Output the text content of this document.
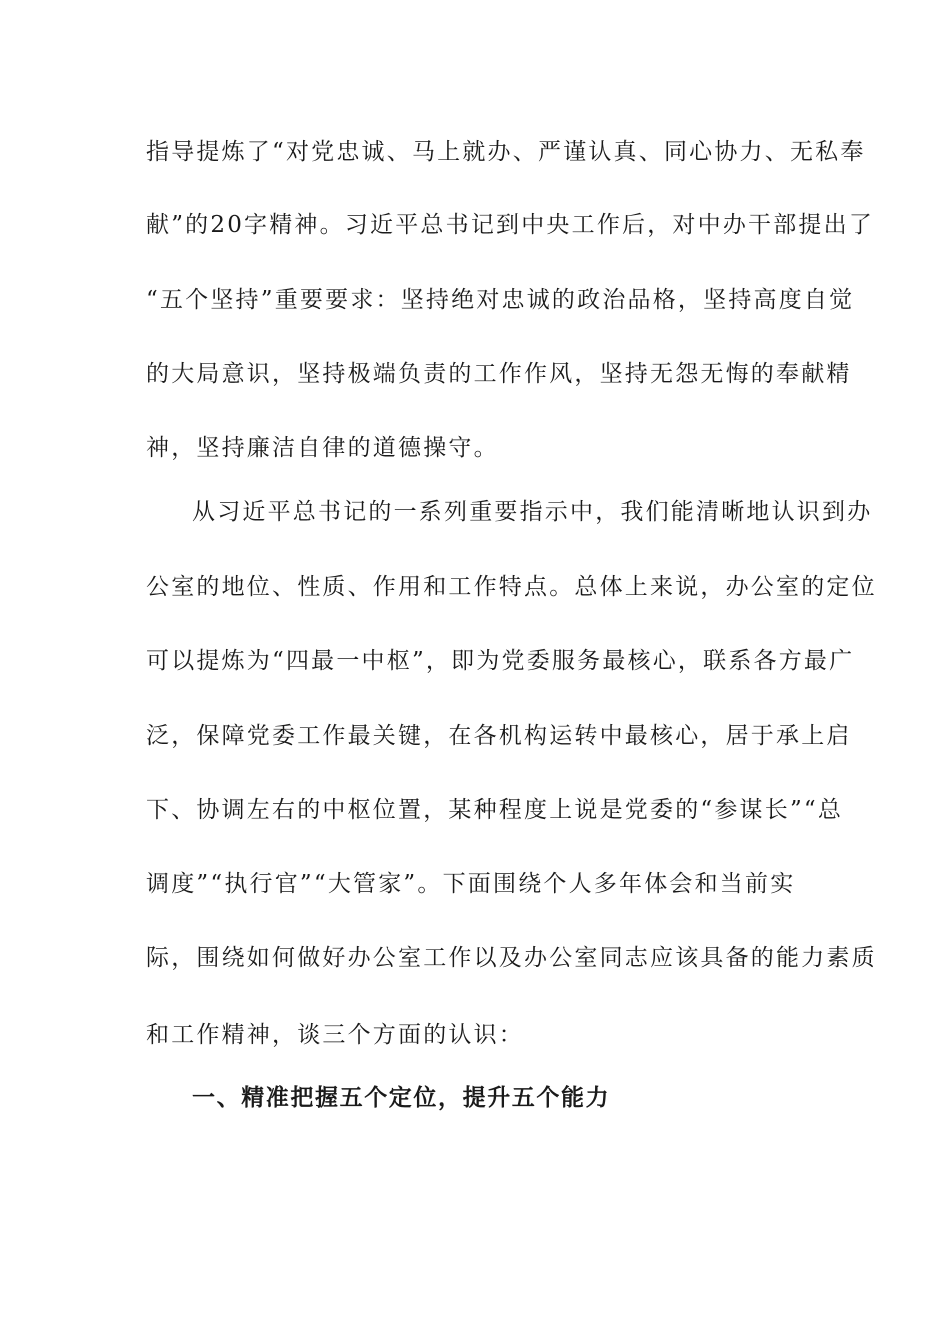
指导提炼了“对党忠诚、马上就办、严谨认真、同心协力、无私奉
献”的20字精神。习近平总书记到中央工作后，对中办干部提出了
“五个坚持”重要要求：坚持绝对忠诚的政治品格，坚持高度自觉
的大局意识，坚持极端负责的工作作风，坚持无怨无悔的奉献精
神，坚持廉洁自律的道德操守。
从习近平总书记的一系列重要指示中，我们能清晰地认识到办
公室的地位、性质、作用和工作特点。总体上来说，办公室的定位
可以提炼为“四最一中枢”，即为党委服务最核心，联系各方最广
泛，保障党委工作最关键，在各机构运转中最核心，居于承上启
下、协调左右的中枢位置，某种程度上说是党委的“参谋长”“总
调度”“执行官”“大管家”。下面围绕个人多年体会和当前实
际，围绕如何做好办公室工作以及办公室同志应该具备的能力素质
和工作精神，谈三个方面的认识：
一、精准把握五个定位，提升五个能力
